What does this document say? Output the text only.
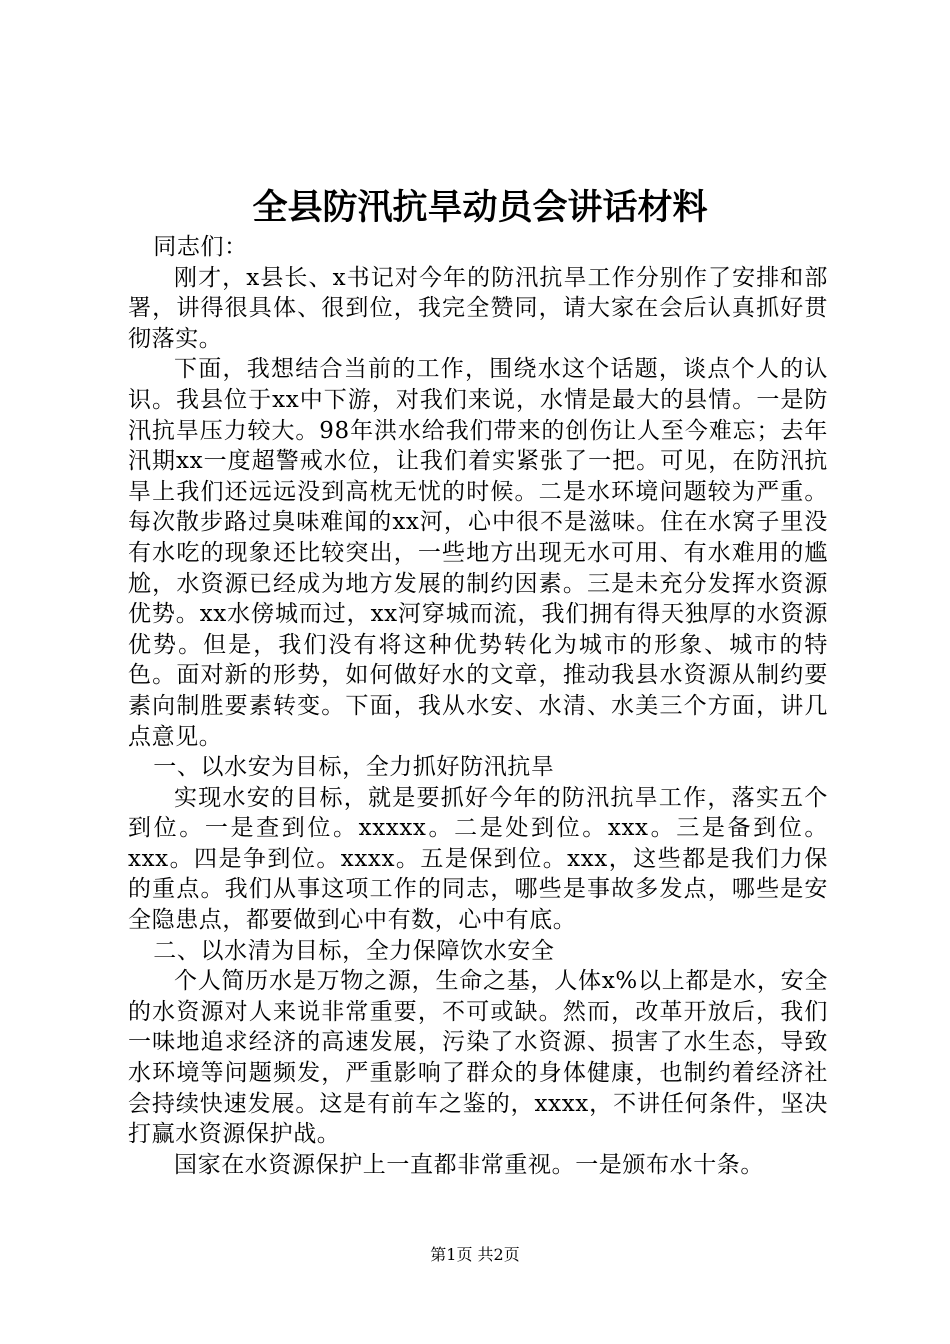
全县防汛抗旱动员会讲话材料

同志们：

刚才，x县长、x书记对今年的防汛抗旱工作分别作了安排和部署，讲得很具体、很到位，我完全赞同，请大家在会后认真抓好贯彻落实。

下面，我想结合当前的工作，围绕水这个话题，谈点个人的认识。我县位于xx中下游，对我们来说，水情是最大的县情。一是防汛抗旱压力较大。98年洪水给我们带来的创伤让人至今难忘；去年汛期xx一度超警戒水位，让我们着实紧张了一把。可见，在防汛抗旱上我们还远远没到高枕无忧的时候。二是水环境问题较为严重。每次散步路过臭味难闻的xx河，心中很不是滋味。住在水窝子里没有水吃的现象还比较突出，一些地方出现无水可用、有水难用的尴尬，水资源已经成为地方发展的制约因素。三是未充分发挥水资源优势。xx水傍城而过，xx河穿城而流，我们拥有得天独厚的水资源优势。但是，我们没有将这种优势转化为城市的形象、城市的特色。面对新的形势，如何做好水的文章，推动我县水资源从制约要素向制胜要素转变。下面，我从水安、水清、水美三个方面，讲几点意见。

一、以水安为目标，全力抓好防汛抗旱

实现水安的目标，就是要抓好今年的防汛抗旱工作，落实五个到位。一是查到位。xxxxx。二是处到位。xxx。三是备到位。xxx。四是争到位。xxxx。五是保到位。xxx，这些都是我们力保的重点。我们从事这项工作的同志，哪些是事故多发点，哪些是安全隐患点，都要做到心中有数，心中有底。

二、以水清为目标，全力保障饮水安全

个人简历水是万物之源，生命之基，人体x%以上都是水，安全的水资源对人来说非常重要，不可或缺。然而，改革开放后，我们一味地追求经济的高速发展，污染了水资源、损害了水生态，导致水环境等问题频发，严重影响了群众的身体健康，也制约着经济社会持续快速发展。这是有前车之鉴的，xxxx，不讲任何条件，坚决打赢水资源保护战。

国家在水资源保护上一直都非常重视。一是颁布水十条。

第1页 共2页
